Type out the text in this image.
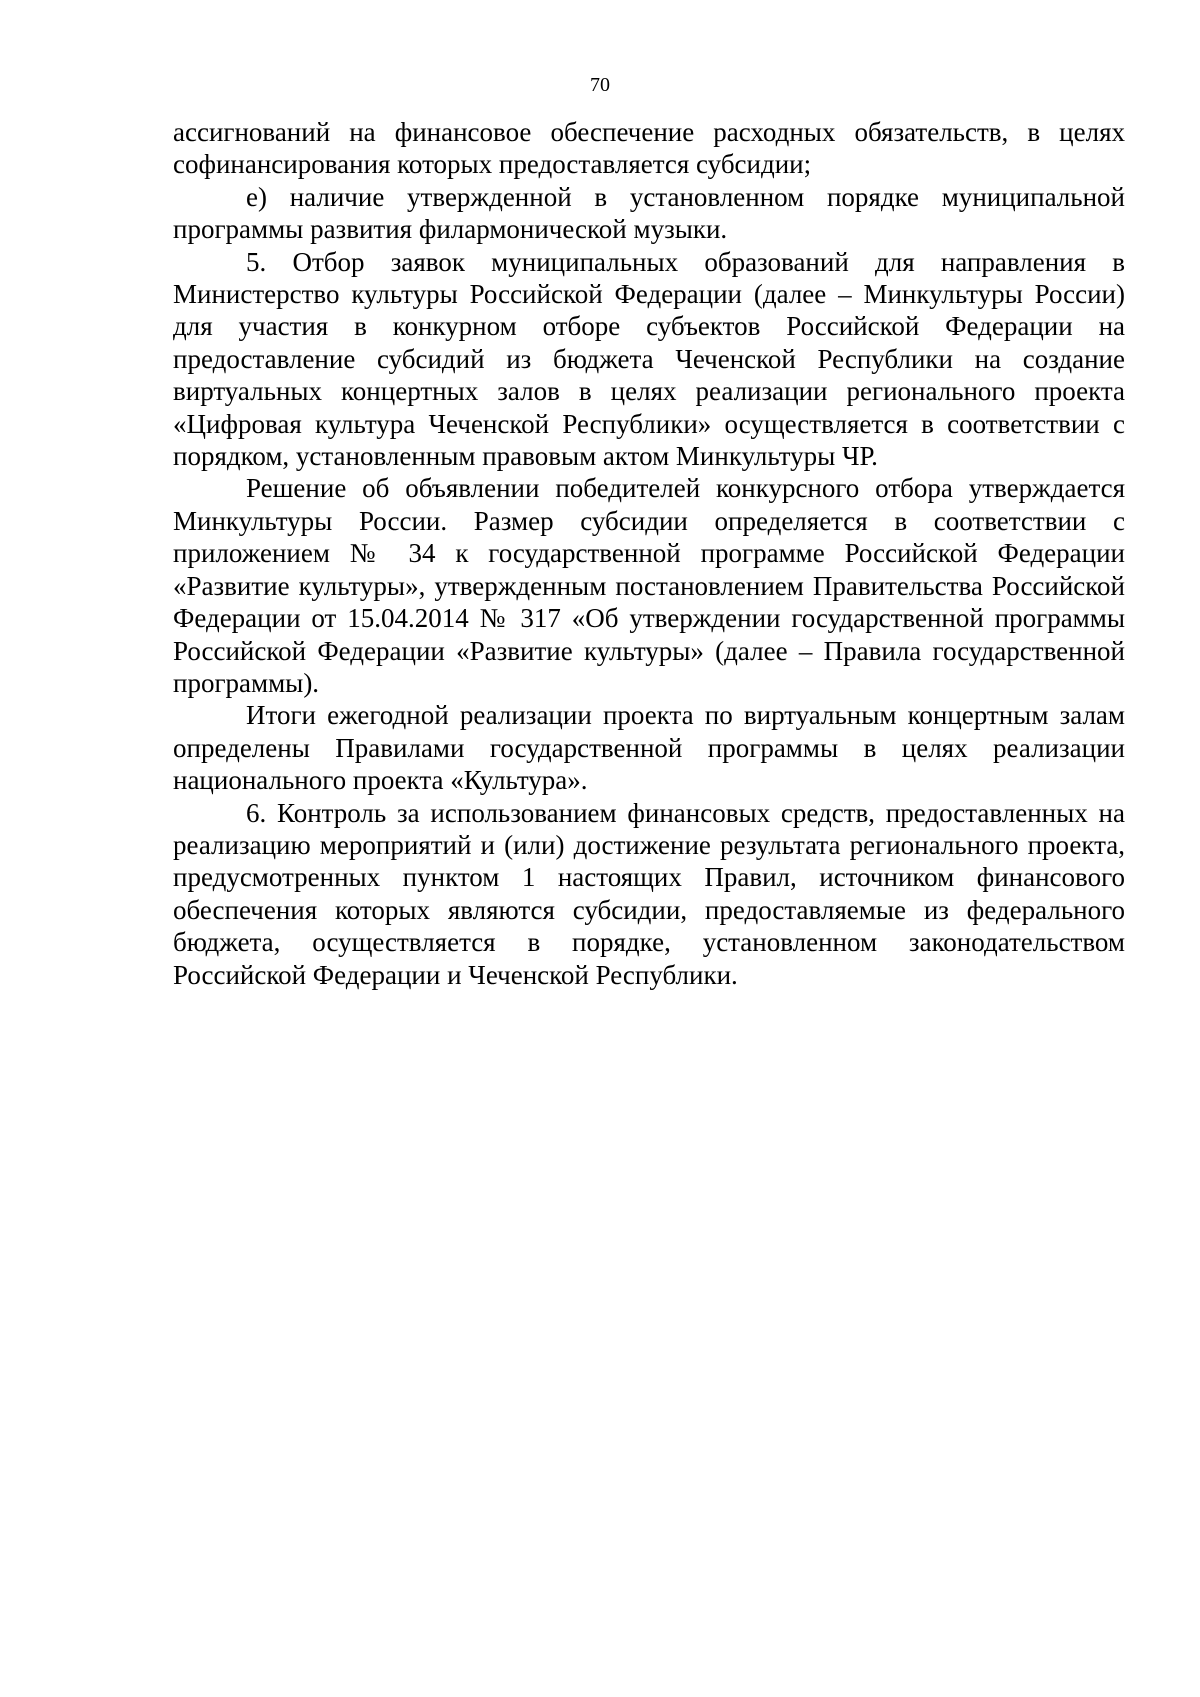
70

ассигнований на финансовое обеспечение расходных обязательств, в целях софинансирования которых предоставляется субсидии;

е) наличие утвержденной в установленном порядке муниципальной программы развития филармонической музыки.

5. Отбор заявок муниципальных образований для направления в Министерство культуры Российской Федерации (далее – Минкультуры России) для участия в конкурном отборе субъектов Российской Федерации на предоставление субсидий из бюджета Чеченской Республики на создание виртуальных концертных залов в целях реализации регионального проекта «Цифровая культура Чеченской Республики» осуществляется в соответствии с порядком, установленным правовым актом Минкультуры ЧР.

Решение об объявлении победителей конкурсного отбора утверждается Минкультуры России. Размер субсидии определяется в соответствии с приложением № 34 к государственной программе Российской Федерации «Развитие культуры», утвержденным постановлением Правительства Российской Федерации от 15.04.2014 № 317 «Об утверждении государственной программы Российской Федерации «Развитие культуры» (далее – Правила государственной программы).

Итоги ежегодной реализации проекта по виртуальным концертным залам определены Правилами государственной программы в целях реализации национального проекта «Культура».

6. Контроль за использованием финансовых средств, предоставленных на реализацию мероприятий и (или) достижение результата регионального проекта, предусмотренных пунктом 1 настоящих Правил, источником финансового обеспечения которых являются субсидии, предоставляемые из федерального бюджета, осуществляется в порядке, установленном законодательством Российской Федерации и Чеченской Республики.
